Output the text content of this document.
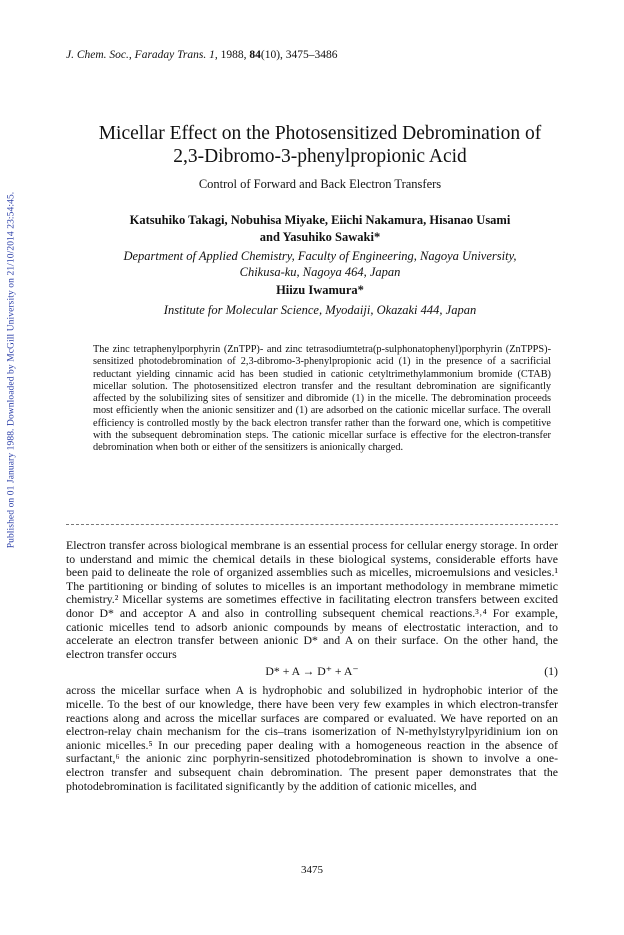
Published on 01 January 1988. Downloaded by McGill University on 21/10/2014 23:54:45.
J. Chem. Soc., Faraday Trans. 1, 1988, 84(10), 3475–3486
Micellar Effect on the Photosensitized Debromination of
2,3-Dibromo-3-phenylpropionic Acid
Control of Forward and Back Electron Transfers
Katsuhiko Takagi, Nobuhisa Miyake, Eiichi Nakamura, Hisanao Usami
and Yasuhiko Sawaki*
Department of Applied Chemistry, Faculty of Engineering, Nagoya University,
Chikusa-ku, Nagoya 464, Japan
Hiizu Iwamura*
Institute for Molecular Science, Myodaiji, Okazaki 444, Japan
The zinc tetraphenylporphyrin (ZnTPP)- and zinc tetrasodiumtetra(p-sulphonatophenyl)porphyrin (ZnTPPS)-sensitized photodebromination of 2,3-dibromo-3-phenylpropionic acid (1) in the presence of a sacrificial reductant yielding cinnamic acid has been studied in cationic cetyltrimethylammonium bromide (CTAB) micellar solution. The photosensitized electron transfer and the resultant debromination are significantly affected by the solubilizing sites of sensitizer and dibromide (1) in the micelle. The debromination proceeds most efficiently when the anionic sensitizer and (1) are adsorbed on the cationic micellar surface. The overall efficiency is controlled mostly by the back electron transfer rather than the forward one, which is competitive with the subsequent debromination steps. The cationic micellar surface is effective for the electron-transfer debromination when both or either of the sensitizers is anionically charged.

Electron transfer across biological membrane is an essential process for cellular energy storage. In order to understand and mimic the chemical details in these biological systems, considerable efforts have been paid to delineate the role of organized assemblies such as micelles, microemulsions and vesicles.¹ The partitioning or binding of solutes to micelles is an important methodology in membrane mimetic chemistry.² Micellar systems are sometimes effective in facilitating electron transfers between excited donor D* and acceptor A and also in controlling subsequent chemical reactions.³˒⁴ For example, cationic micelles tend to adsorb anionic compounds by means of electrostatic interaction, and to accelerate an electron transfer between anionic D* and A on their surface. On the other hand, the electron transfer occurs

D* + A → D⁺ + A⁻	(1)

across the micellar surface when A is hydrophobic and solubilized in hydrophobic interior of the micelle. To the best of our knowledge, there have been very few examples in which electron-transfer reactions along and across the micellar surfaces are compared or evaluated. We have reported on an electron-relay chain mechanism for the cis–trans isomerization of N-methylstyrylpyridinium ion on anionic micelles.⁵ In our preceding paper dealing with a homogeneous reaction in the absence of surfactant,⁶ the anionic zinc porphyrin-sensitized photodebromination is shown to involve a one-electron transfer and subsequent chain debromination. The present paper demonstrates that the photodebromination is facilitated significantly by the addition of cationic micelles, and

3475
